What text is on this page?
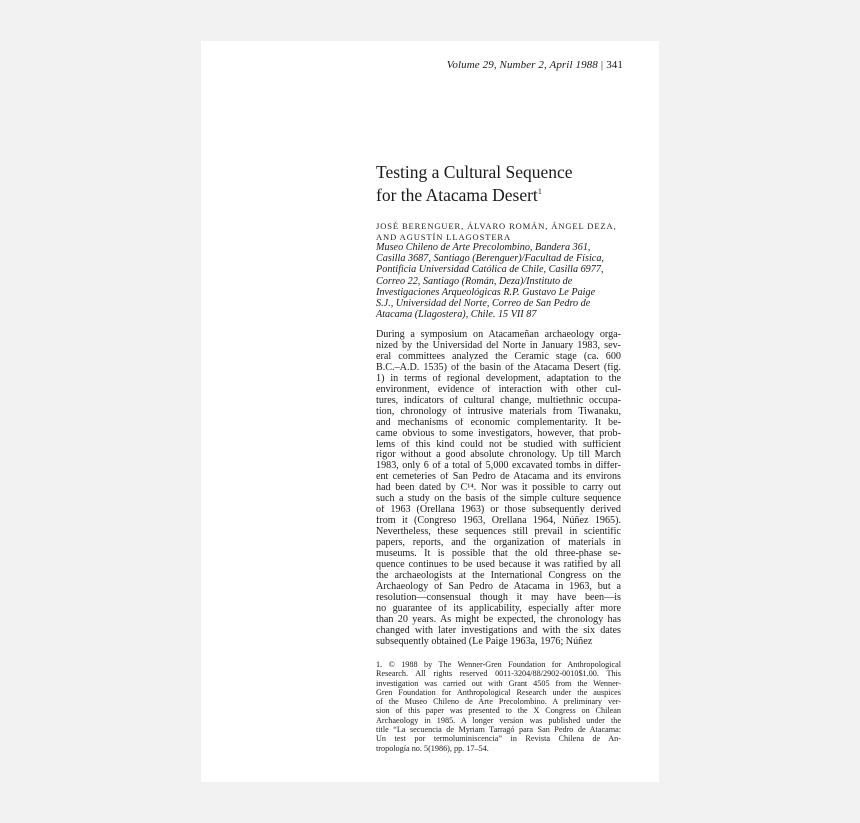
Volume 29, Number 2, April 1988 | 341
Testing a Cultural Sequence
for the Atacama Desert$^1$
JOSÉ BERENGUER, ÁLVARO ROMÁN, ÁNGEL DEZA,
AND AGUSTÍN LLAGOSTERA
Museo Chileno de Arte Precolombino, Bandera 361,
Casilla 3687, Santiago (Berenguer)/Facultad de Física,
Pontificia Universidad Católica de Chile, Casilla 6977,
Correo 22, Santiago (Román, Deza)/Instituto de
Investigaciones Arqueológicas R.P. Gustavo Le Paige
S.J., Universidad del Norte, Correo de San Pedro de
Atacama (Llagostera), Chile. 15 VII 87
During a symposium on Atacameñan archaeology orga-
nized by the Universidad del Norte in January 1983, sev-
eral committees analyzed the Ceramic stage (ca. 600
B.C.–A.D. 1535) of the basin of the Atacama Desert (fig.
1) in terms of regional development, adaptation to the
environment, evidence of interaction with other cul-
tures, indicators of cultural change, multiethnic occupa-
tion, chronology of intrusive materials from Tiwanaku,
and mechanisms of economic complementarity. It be-
came obvious to some investigators, however, that prob-
lems of this kind could not be studied with sufficient
rigor without a good absolute chronology. Up till March
1983, only 6 of a total of 5,000 excavated tombs in differ-
ent cemeteries of San Pedro de Atacama and its environs
had been dated by C¹⁴. Nor was it possible to carry out
such a study on the basis of the simple culture sequence
of 1963 (Orellana 1963) or those subsequently derived
from it (Congreso 1963, Orellana 1964, Núñez 1965).
Nevertheless, these sequences still prevail in scientific
papers, reports, and the organization of materials in
museums. It is possible that the old three-phase se-
quence continues to be used because it was ratified by all
the archaeologists at the International Congress on the
Archaeology of San Pedro de Atacama in 1963, but a
resolution—consensual though it may have been—is
no guarantee of its applicability, especially after more
than 20 years. As might be expected, the chronology has
changed with later investigations and with the six dates
subsequently obtained (Le Paige 1963a, 1976; Núñez
1. © 1988 by The Wenner-Gren Foundation for Anthropological
Research. All rights reserved 0011-3204/88/2902-0010$1.00. This
investigation was carried out with Grant 4505 from the Wenner-
Gren Foundation for Anthropological Research under the auspices
of the Museo Chileno de Arte Precolombino. A preliminary ver-
sion of this paper was presented to the X Congress on Chilean
Archaeology in 1985. A longer version was published under the
title “La secuencia de Myriam Tarragó para San Pedro de Atacama:
Un test por termoluminiscencia” in Revista Chilena de An-
tropología no. 5(1986), pp. 17–54.
